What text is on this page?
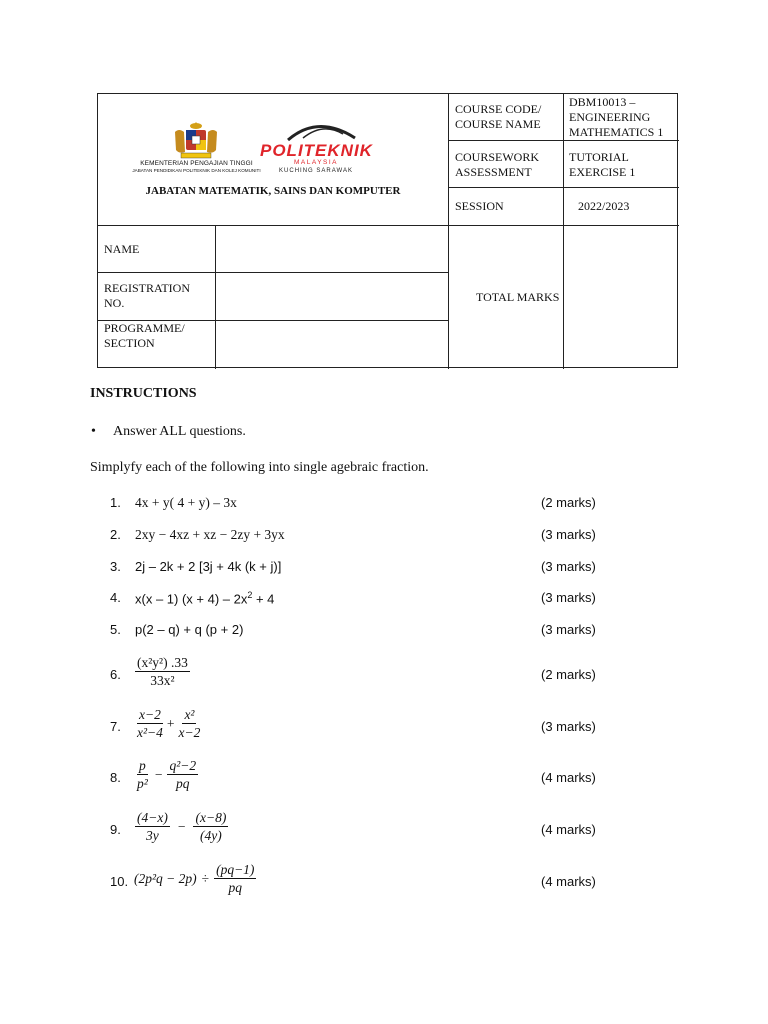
KEMENTERIAN PENGAJIAN TINGGI
JABATAN PENDIDIKAN POLITEKNIK DAN KOLEJ KOMUNITI
POLITEKNIK
MALAYSIA
KUCHING SARAWAK
JABATAN MATEMATIK, SAINS DAN KOMPUTER
COURSE CODE/ COURSE NAME
DBM10013 – ENGINEERING MATHEMATICS 1
COURSEWORK ASSESSMENT
TUTORIAL EXERCISE 1
SESSION	2022/2023
NAME
REGISTRATION NO.
PROGRAMME/ SECTION
TOTAL MARKS
INSTRUCTIONS
• Answer ALL questions.
Simplyfy each of the following into single agebraic fraction.
1. 4x + y( 4 + y) – 3x	(2 marks)
2. 2xy − 4xz + xz − 2zy + 3yx	(3 marks)
3. 2j – 2k + 2 [3j + 4k (k + j)]	(3 marks)
4. x(x – 1) $(x + 4) - 2x^2 + 4$	(3 marks)
5. p(2 – q) + q (p + 2)	(3 marks)
6. $\frac{\text{(x²y²) .33}}{\text{33x²}}$	(2 marks)
7. $\frac{x-2}{\text{x²−4}} + \frac{\text{x²}}{x-2}$	(3 marks)
8. $\frac{p}{\text{p²}} - \frac{\text{q²−2}}{pq}$	(4 marks)
9. $\frac{(4-x)}{3y} - \frac{(x-8)}{(4y)}$	(4 marks)
10. $(2p^2q - 2p) \div \frac{(pq-1)}{pq}$	(4 marks)
